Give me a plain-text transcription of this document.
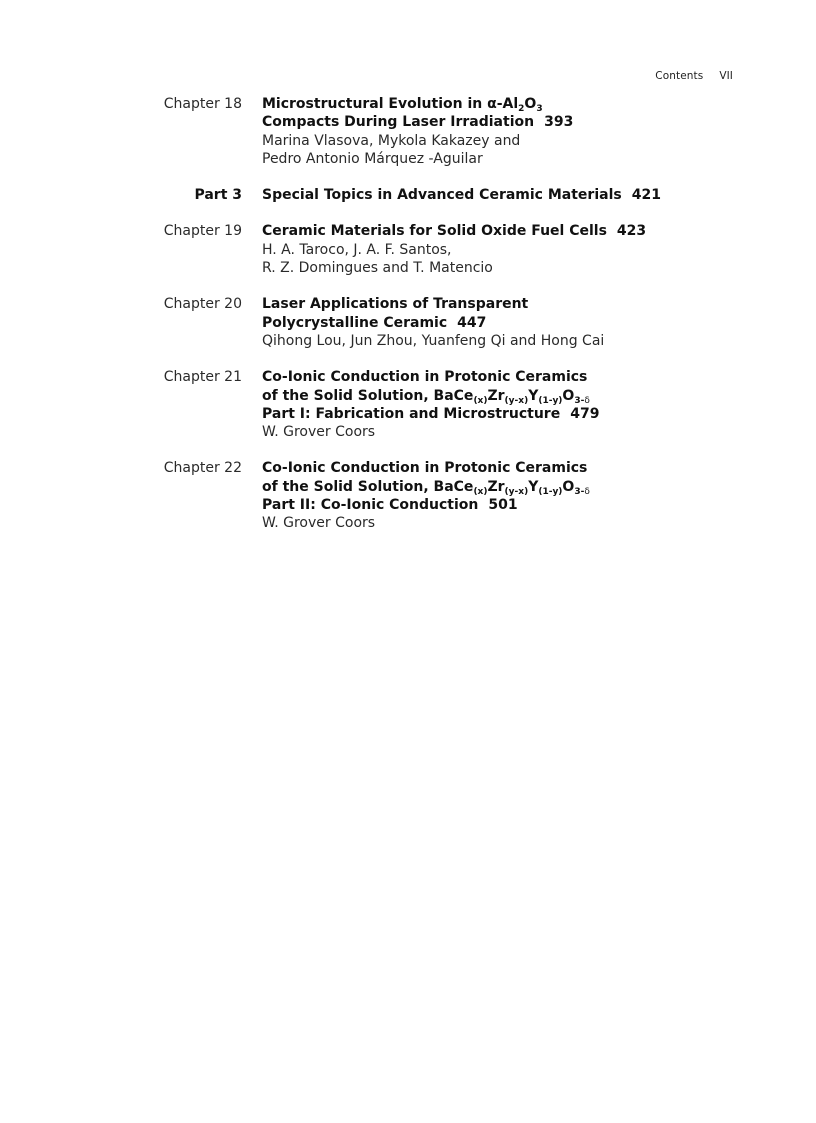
Contents VII
Chapter 18 Microstructural Evolution in $\alpha-Al_2O_3$
Compacts During Laser Irradiation 393
Marina Vlasova, Mykola Kakazey and
Pedro Antonio Márquez -Aguilar
Part 3 Special Topics in Advanced Ceramic Materials 421
Chapter 19 Ceramic Materials for Solid Oxide Fuel Cells 423
H. A. Taroco, J. A. F. Santos,
R. Z. Domingues and T. Matencio
Chapter 20 Laser Applications of Transparent
Polycrystalline Ceramic 447
Qihong Lou, Jun Zhou, Yuanfeng Qi and Hong Cai
Chapter 21 Co-Ionic Conduction in Protonic Ceramics
of the Solid Solution, $BaCe_{(x)}Zr_{(y-x)}Y_{(1-y)}O_{3-\delta}$
Part I: Fabrication and Microstructure 479
W. Grover Coors
Chapter 22 Co-Ionic Conduction in Protonic Ceramics
of the Solid Solution, $BaCe_{(x)}Zr_{(y-x)}Y_{(1-y)}O_{3-\delta}$
Part II: Co-Ionic Conduction 501
W. Grover Coors
